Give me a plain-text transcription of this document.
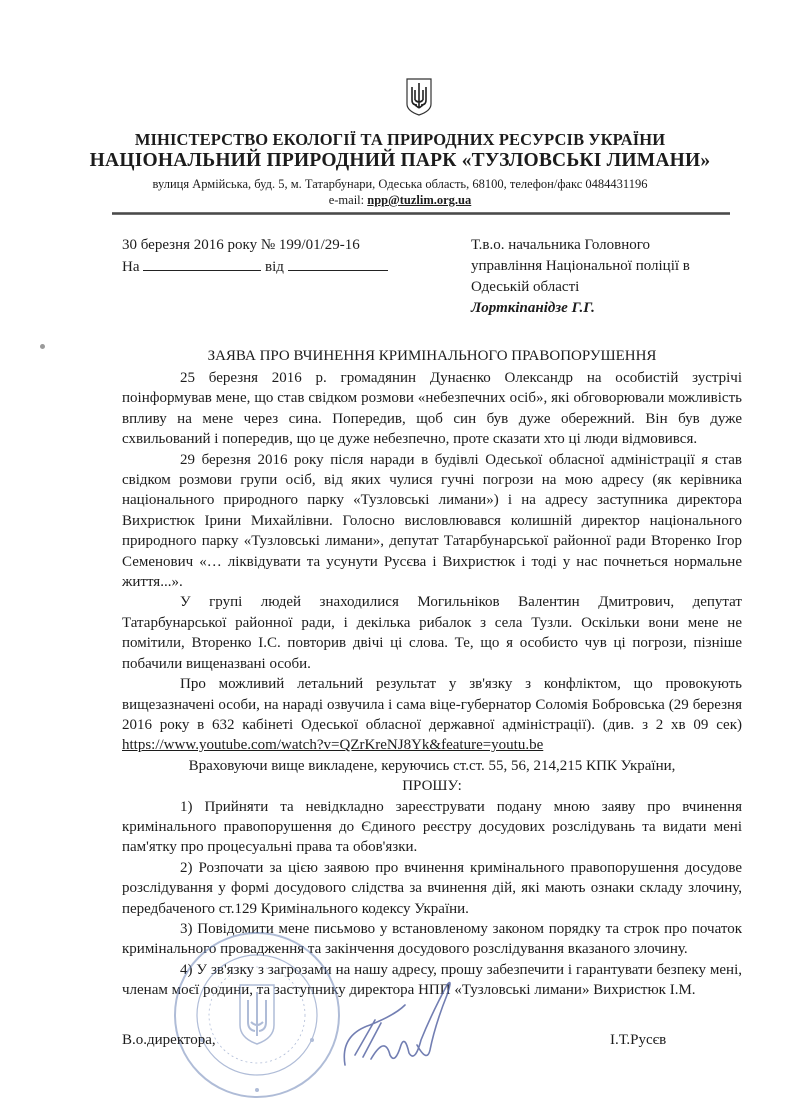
МІНІСТЕРСТВО ЕКОЛОГІЇ ТА ПРИРОДНИХ РЕСУРСІВ УКРАЇНИ
НАЦІОНАЛЬНИЙ ПРИРОДНИЙ ПАРК «ТУЗЛОВСЬКІ ЛИМАНИ»
вулиця Армійська, буд. 5, м. Татарбунари, Одеська область, 68100, телефон/факс 0484431196
e-mail: npp@tuzlim.org.ua
30 березня 2016 року № 199/01/29-16
На	від
Т.в.о. начальника Головного
управління Національної поліції в
Одеській області
Лорткіпанідзе Г.Г.
ЗАЯВА ПРО ВЧИНЕННЯ КРИМІНАЛЬНОГО ПРАВОПОРУШЕННЯ

25 березня 2016 р. громадянин Дунаєнко Олександр на особистій зустрічі поінформував мене, що став свідком розмови «небезпечних осіб», які обговорювали можливість впливу на мене через сина. Попередив, щоб син був дуже обережний. Він був дуже схвильований і попередив, що це дуже небезпечно, проте сказати хто ці люди відмовився.

29 березня 2016 року після наради в будівлі Одеської обласної адміністрації я став свідком розмови групи осіб, від яких чулися гучні погрози на мою адресу (як керівника національного природного парку «Тузловські лимани») і на адресу заступника директора Вихристюк Ірини Михайлівни. Голосно висловлювався колишній директор національного природного парку «Тузловські лимани», депутат Татарбунарської районної ради Вторенко Ігор Семенович «… ліквідувати та усунути Русєва і Вихристюк і тоді у нас почнеться нормальне життя...».

У групі людей знаходилися Могильніков Валентин Дмитрович, депутат Татарбунарської районної ради, і декілька рибалок з села Тузли. Оскільки вони мене не помітили, Вторенко І.С. повторив двічі ці слова. Те, що я особисто чув ці погрози, пізніше побачили вищеназвані особи.

Про можливий летальний результат у зв'язку з конфліктом, що провокують вищезазначені особи, на нараді озвучила і сама віце-губернатор Соломія Бобровська (29 березня 2016 року в 632 кабінеті Одеської обласної державної адміністрації). (див. з 2 хв 09 сек) https://www.youtube.com/watch?v=QZrKreNJ8Yk&feature=youtu.be

Враховуючи вище викладене, керуючись ст.ст. 55, 56, 214,215 КПК України,

ПРОШУ:

1) Прийняти та невідкладно зареєструвати подану мною заяву про вчинення кримінального правопорушення до Єдиного реєстру досудових розслідувань та видати мені пам'ятку про процесуальні права та обов'язки.

2) Розпочати за цією заявою про вчинення кримінального правопорушення досудове розслідування у формі досудового слідства за вчинення дій, які мають ознаки складу злочину, передбаченого ст.129 Кримінального кодексу України.

3) Повідомити мене письмово у встановленому законом порядку та строк про початок кримінального провадження та закінчення досудового розслідування вказаного злочину.

4) У зв'язку з загрозами на нашу адресу, прошу забезпечити і гарантувати безпеку мені, членам моєї родини, та заступнику директора НПП «Тузловські лимани» Вихристюк І.М.

В.о.директора,	І.Т.Русєв
